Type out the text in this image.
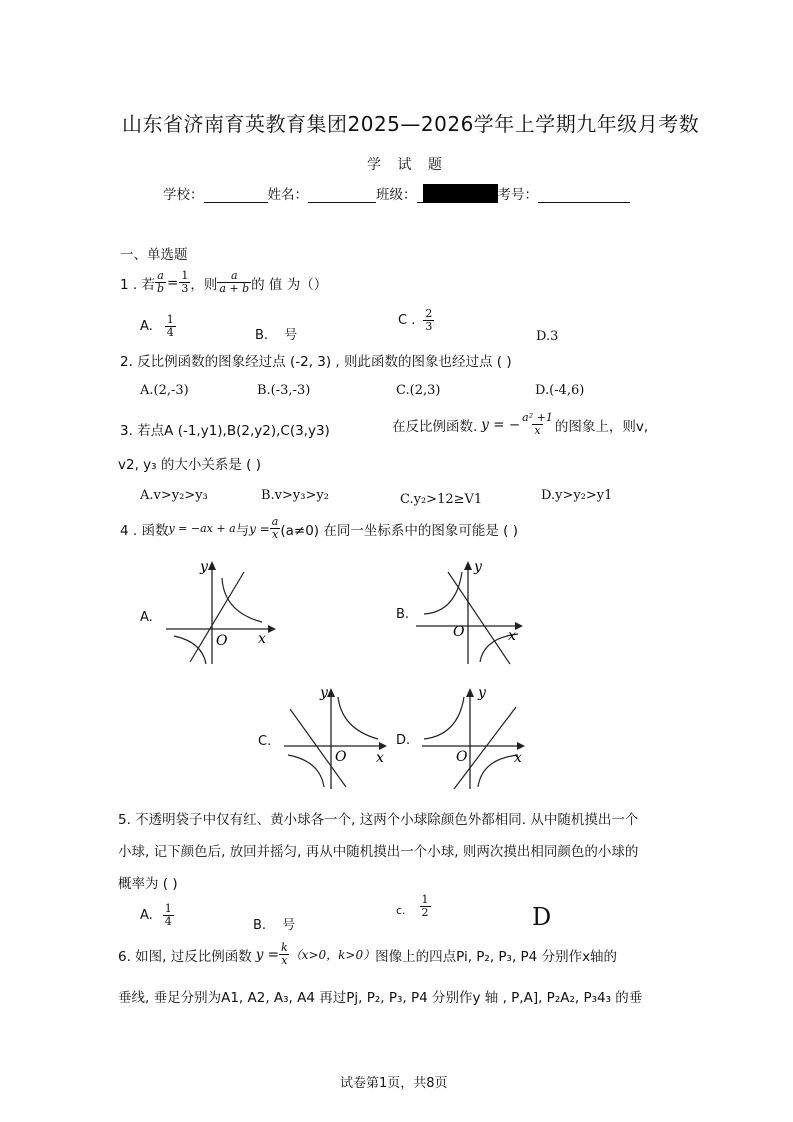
山东省济南育英教育集团2025—2026学年上学期九年级月考数
学 试 题
学校：	姓名：	班级：	考号：
一、单选题
1 . 若 $\frac{a}{b} = \frac{1}{3}$ ，则 $\frac{a}{a + b}$ 的 值 为（）
A. $\frac{1}{4}$	B. 号
C . $\frac{2}{3}$
D.3
2. 反比例函数的图象经过点 (-2, 3) , 则此函数的图象也经过点 ( )
A.(2,-3)	B.(-3,-3)	C.(2,3)	D.(-4,6)
3. 若点A (-1,y1),B(2,y2),C(3,y3)	在反比例函数. y = − $\frac{\text{a² +1}}{x}$ 的图象上，则v,
v2, y₃ 的大小关系是 ( )
A.v>y₂>y₃	B.v>y₃>y₂	C.y₂>12≥V1	D.y>y₂>y1
4 . 函数 y = −ax + a 与 $y = \frac{a}{x} (a\ne 0)$ 在同一坐标系中的图象可能是 ( )
A.	B.
C.	D.
y
x
O
y
x
O
y
x
O
y
x
O
5. 不透明袋子中仅有红、黄小球各一个, 这两个小球除颜色外都相同. 从中随机摸出一个
小球, 记下颜色后, 放回并摇匀, 再从中随机摸出一个小球, 则两次摸出相同颜色的小球的
概率为 ( )
A. $\frac{1}{4}$	B. 号
c. $\frac{1}{2}$	D
6. 如图, 过反比例函数 $y = \frac{k}{x} (x>0$，k>0） 图像上的四点Pi, P₂, P₃, P4 分别作x轴的
垂线, 垂足分别为A1, A2, A₃, A4 再过Pj, P₂, P₃, P4 分别作y 轴 , P,A], P₂A₂, P₃4₃ 的垂
试卷第1页，共8页
